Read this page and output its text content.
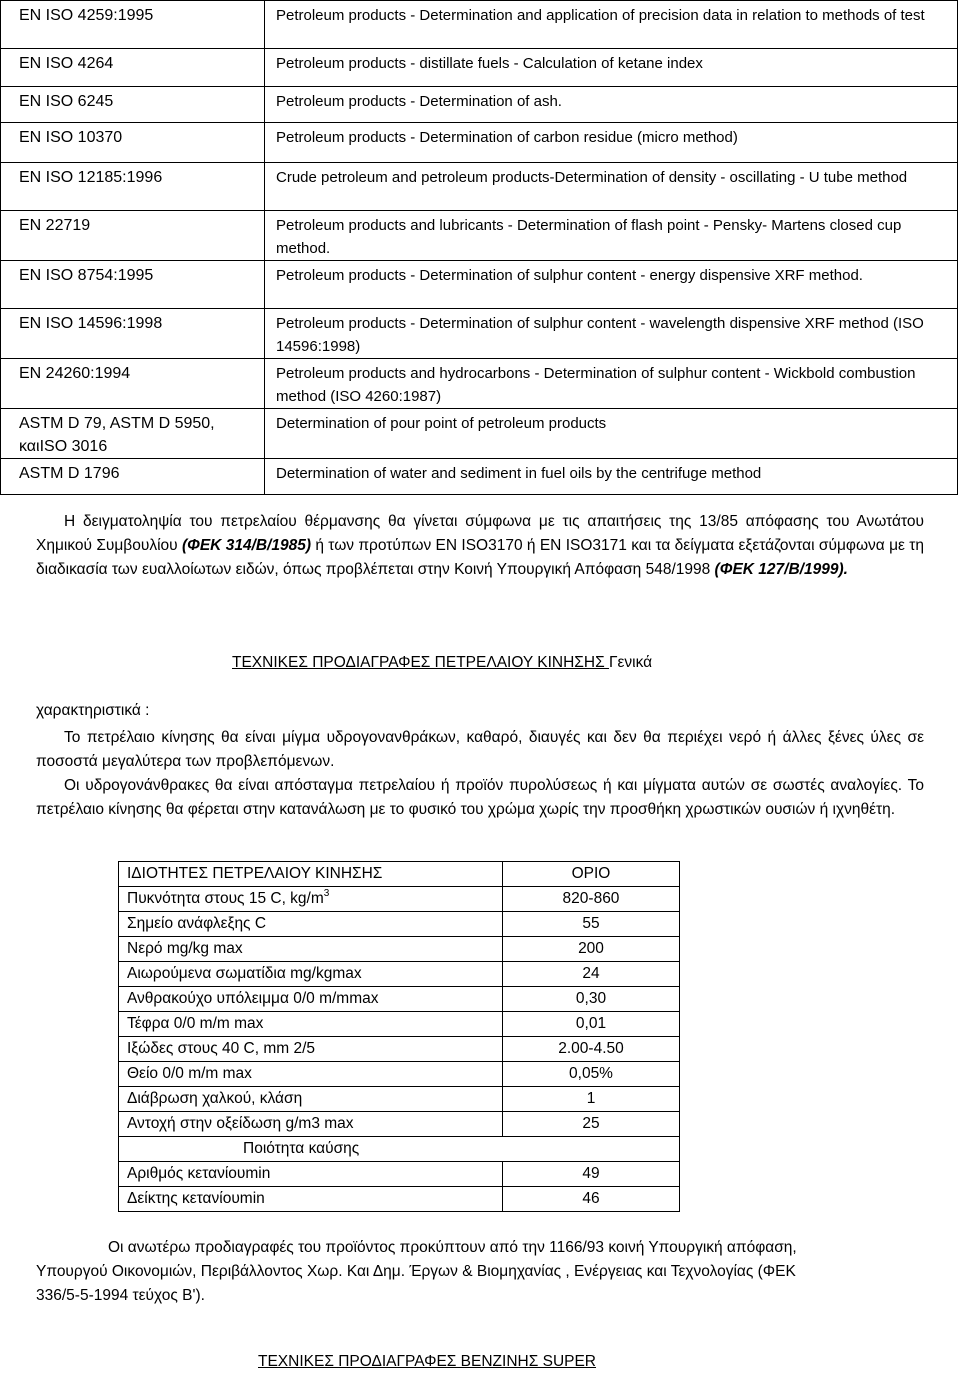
EN ISO 4259:1995	Petroleum products - Determination and application of precision data in relation to methods of test
EN ISO 4264	Petroleum products - distillate fuels - Calculation of ketane index
EN ISO 6245	Petroleum products - Determination of ash.
EN ISO 10370	Petroleum products - Determination of carbon residue (micro method)
EN ISO 12185:1996	Crude petroleum and petroleum products-Determination of density - oscillating - U tube method
EN 22719	Petroleum products and lubricants - Determination of flash point - Pensky- Martens closed cup method.
EN ISO 8754:1995	Petroleum products - Determination of sulphur content - energy dispensive XRF method.
EN ISO 14596:1998	Petroleum products - Determination of sulphur content - wavelength dispensive XRF method (ISO 14596:1998)
EN 24260:1994	Petroleum products and hydrocarbons - Determination of sulphur content - Wickbold combustion method (ISO 4260:1987)
ASTM D 79, ASTM D 5950, καιISO 3016	Determination of pour point of petroleum products
ASTM D 1796	Determination of water and sediment in fuel oils by the centrifuge method

Η δειγματοληψία του πετρελαίου θέρμανσης θα γίνεται σύμφωνα με τις απαιτήσεις της 13/85 απόφασης του Ανωτάτου Χημικού Συμβουλίου (ΦΕΚ 314/Β/1985) ή των προτύπων EN ISO3170 ή EN ISO3171 και τα δείγματα εξετάζονται σύμφωνα με τη διαδικασία των ευαλλοίωτων ειδών, όπως προβλέπεται στην Κοινή Υπουργική Απόφαση 548/1998 (ΦΕΚ 127/Β/1999).

ΤΕΧΝΙΚΕΣ ΠΡΟΔΙΑΓΡΑΦΕΣ ΠΕΤΡΕΛΑΙΟΥ ΚΙΝΗΣΗΣ Γενικά

χαρακτηριστικά :

Το πετρέλαιο κίνησης θα είναι μίγμα υδρογονανθράκων, καθαρό, διαυγές και δεν θα περιέχει νερό ή άλλες ξένες ύλες σε ποσοστά μεγαλύτερα των προβλεπόμενων.

Οι υδρογονάνθρακες θα είναι απόσταγμα πετρελαίου ή προϊόν πυρολύσεως ή και μίγματα αυτών σε σωστές αναλογίες. Το πετρέλαιο κίνησης θα φέρεται στην κατανάλωση με το φυσικό του χρώμα χωρίς την προσθήκη χρωστικών ουσιών ή ιχνηθέτη.

ΙΔΙΟΤΗΤΕΣ ΠΕΤΡΕΛΑΙΟΥ ΚΙΝΗΣΗΣ	ΟΡΙΟ
Πυκνότητα στους 15 C, $kg/m^3$	820-860
Σημείο ανάφλεξης C	55
Νερό mg/kg max	200
Αιωρούμενα σωματίδια mg/kgmax	24
Ανθρακούχο υπόλειμμα 0/0 m/mmax	0,30
Τέφρα 0/0 m/m max	0,01
Ιξώδες στους 40 C, mm 2/5	2.00-4.50
Θείο 0/0 m/m max	0,05%
Διάβρωση χαλκού, κλάση	1
Αντοχή στην οξείδωση g/m3 max	25
Ποιότητα καύσης	
Αριθμός κετανίουmin	49
Δείκτης κετανίουmin	46

Οι ανωτέρω προδιαγραφές του προϊόντος προκύπτουν από την 1166/93 κοινή Υπουργική απόφαση, Υπουργού Οικονομιών, Περιβάλλοντος Χωρ. Και Δημ. Έργων & Βιομηχανίας , Ενέργειας και Τεχνολογίας (ΦΕΚ 336/5-5-1994 τεύχος Β').

ΤΕΧΝΙΚΕΣ ΠΡΟΔΙΑΓΡΑΦΕΣ ΒΕΝΖΙΝΗΣ SUPER
